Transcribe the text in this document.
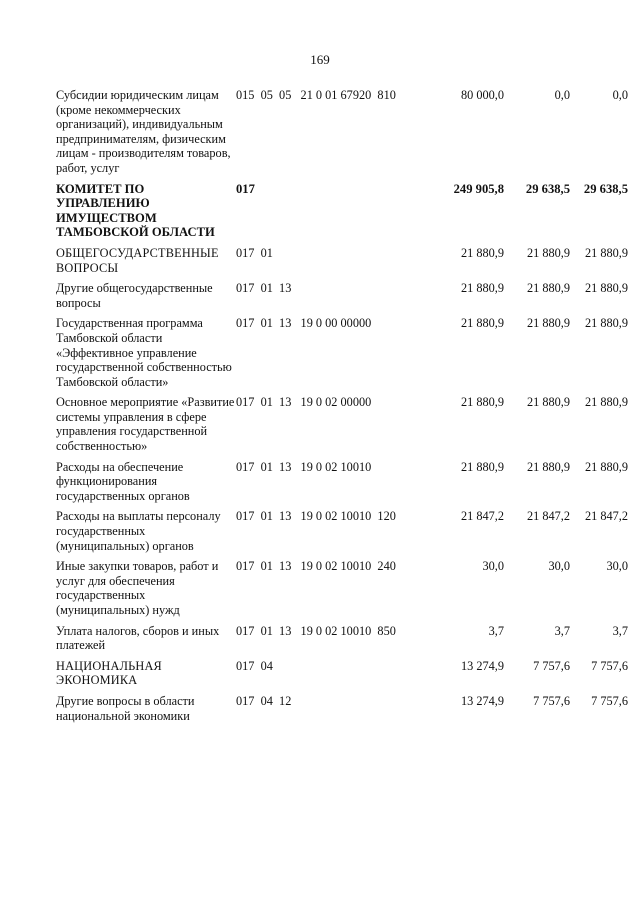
169
Субсидии юридическим лицам (кроме некоммерческих организаций), индивидуальным предпринимателям, физическим лицам - производителям товаров, работ, услуг	015  05  05   21 0 01 67920  810	80 000,0	0,0	0,0
КОМИТЕТ ПО УПРАВЛЕНИЮ ИМУЩЕСТВОМ ТАМБОВСКОЙ ОБЛАСТИ	017	249 905,8	29 638,5	29 638,5
ОБЩЕГОСУДАРСТВЕННЫЕ ВОПРОСЫ	017  01	21 880,9	21 880,9	21 880,9
Другие общегосударственные вопросы	017  01  13	21 880,9	21 880,9	21 880,9
Государственная программа Тамбовской области «Эффективное управление государственной собственностью Тамбовской области»	017  01  13   19 0 00 00000	21 880,9	21 880,9	21 880,9
Основное мероприятие «Развитие системы управления в сфере управления государственной собственностью»	017  01  13   19 0 02 00000	21 880,9	21 880,9	21 880,9
Расходы на обеспечение функционирования государственных органов	017  01  13   19 0 02 10010	21 880,9	21 880,9	21 880,9
Расходы на выплаты персоналу государственных (муниципальных) органов	017  01  13   19 0 02 10010  120	21 847,2	21 847,2	21 847,2
Иные закупки товаров, работ и услуг для обеспечения государственных (муниципальных) нужд	017  01  13   19 0 02 10010  240	30,0	30,0	30,0
Уплата налогов, сборов и иных платежей	017  01  13   19 0 02 10010  850	3,7	3,7	3,7
НАЦИОНАЛЬНАЯ ЭКОНОМИКА	017  04	13 274,9	7 757,6	7 757,6
Другие вопросы в области национальной экономики	017  04  12	13 274,9	7 757,6	7 757,6
